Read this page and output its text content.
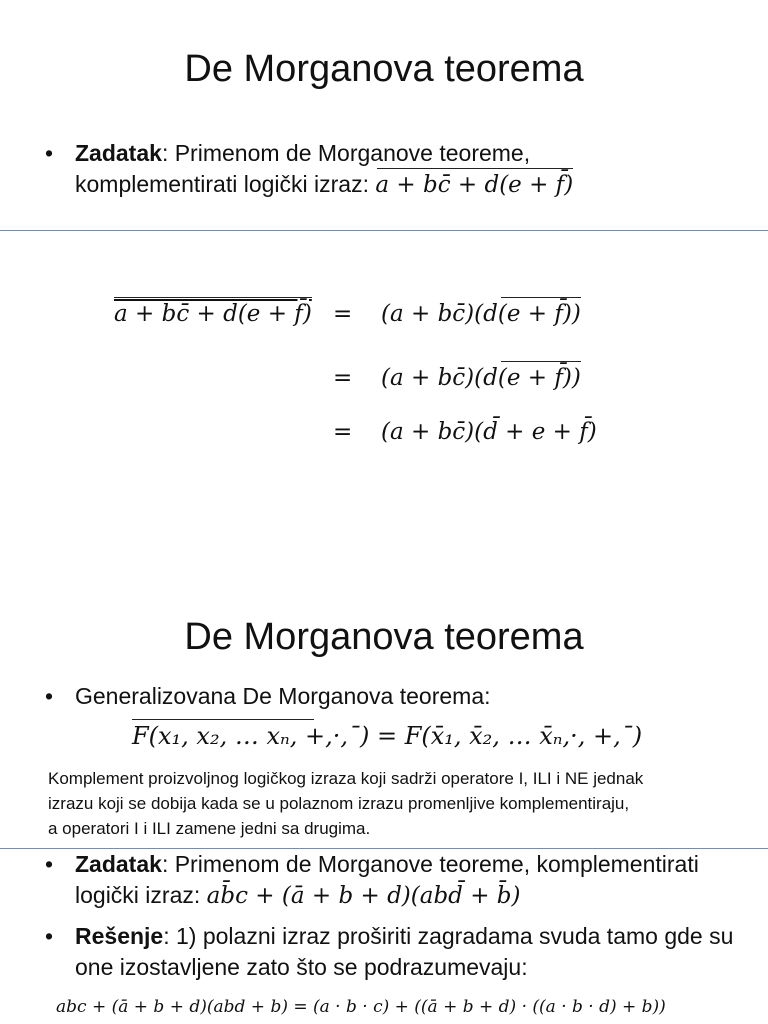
De Morganova teorema
• Zadatak: Primenom de Morganove teoreme,
komplementirati logički izraz: a + bc̄ + d(e + f̄)
a + bc̄ + d(e + f̄) = (a + bc̄)(d(e + f̄))
= (a + bc̄)(d(e + f̄))
= (a + bc̄)(d̄ + e + f̄)
De Morganova teorema
• Generalizovana De Morganova teorema:
F(x₁, x₂, … xₙ, +,·,¯) = F(x̄₁, x̄₂, … x̄ₙ,·, +,¯)
Komplement proizvoljnog logičkog izraza koji sadrži operatore I, ILI i NE jednak
izrazu koji se dobija kada se u polaznom izrazu promenljive komplementiraju,
a operatori I i ILI zamene jedni sa drugima.
• Zadatak: Primenom de Morganove teoreme, komplementirati
logički izraz: ab̄c + (ā + b + d)(abd̄ + b̄)
• Rešenje: 1) polazni izraz proširiti zagradama svuda tamo gde su
one izostavljene zato što se podrazumevaju:
ab̄c + (ā + b + d)(abd̄ + b̄) = (a · b̄ · c) + ((ā + b + d) · ((a · b · d̄) + b̄))
